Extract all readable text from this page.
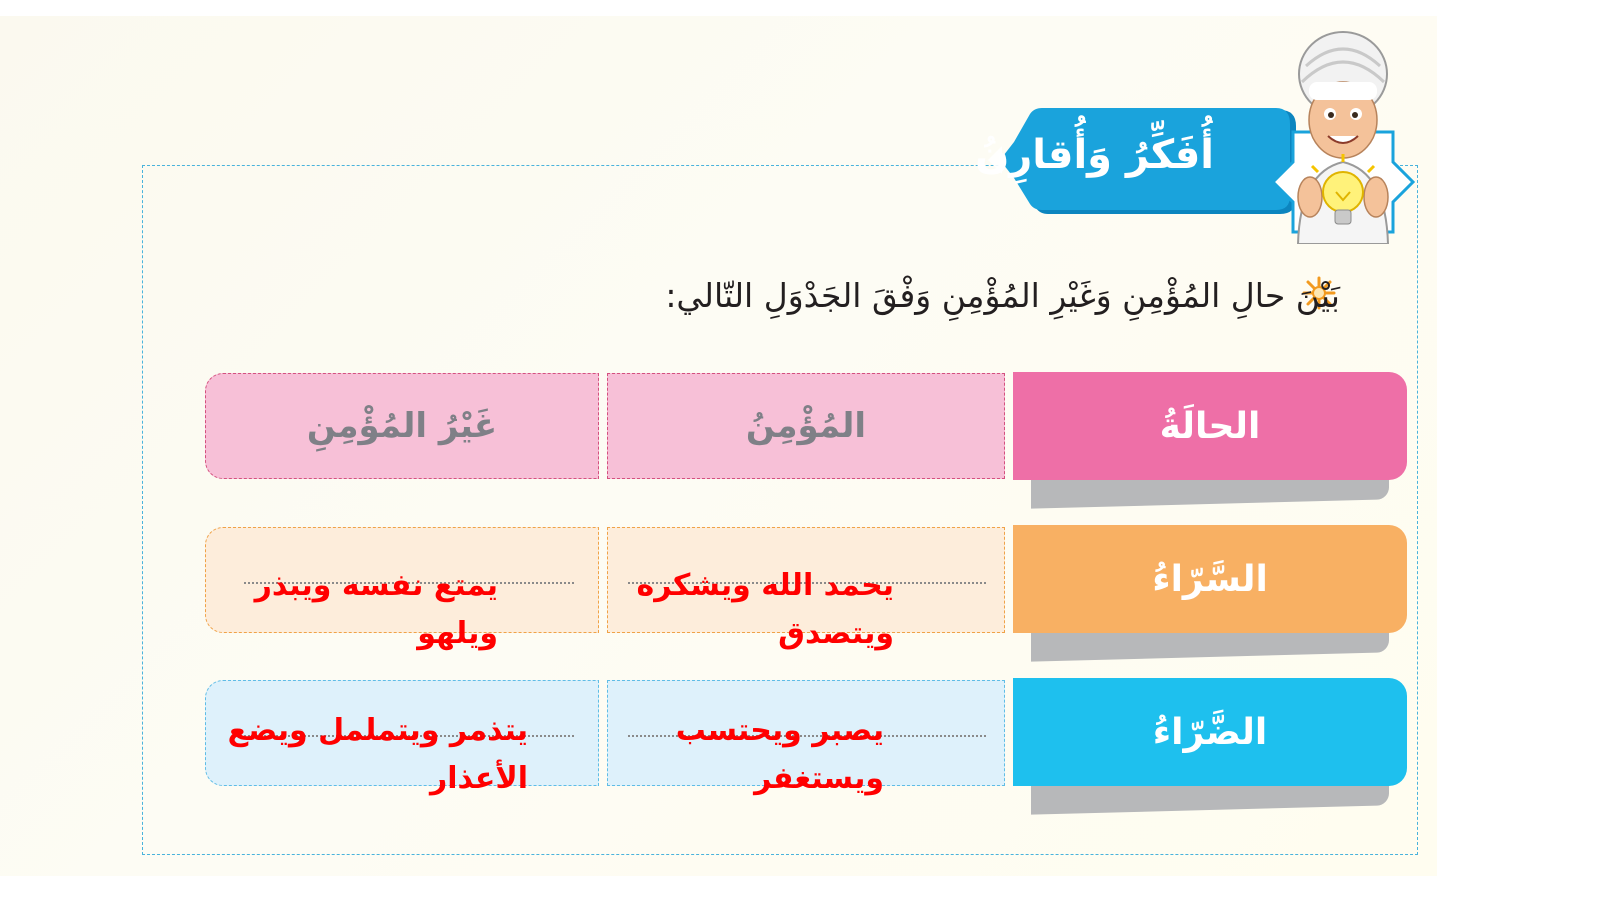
أُفَكِّرُ وَأُقارِنُ
بَيْنَ حالِ المُؤْمِنِ وَغَيْرِ المُؤْمِنِ وَفْقَ الجَدْوَلِ التّالي:
الحالَةُ
المُؤْمِنُ
غَيْرُ المُؤْمِنِ
السَّرّاءُ
يحمد الله ويشكره ويتصدق
يمتع نفسه ويبذر ويلهو
الضَّرّاءُ
يصبر ويحتسب ويستغفر
يتذمر ويتململ ويضع الأعذار
